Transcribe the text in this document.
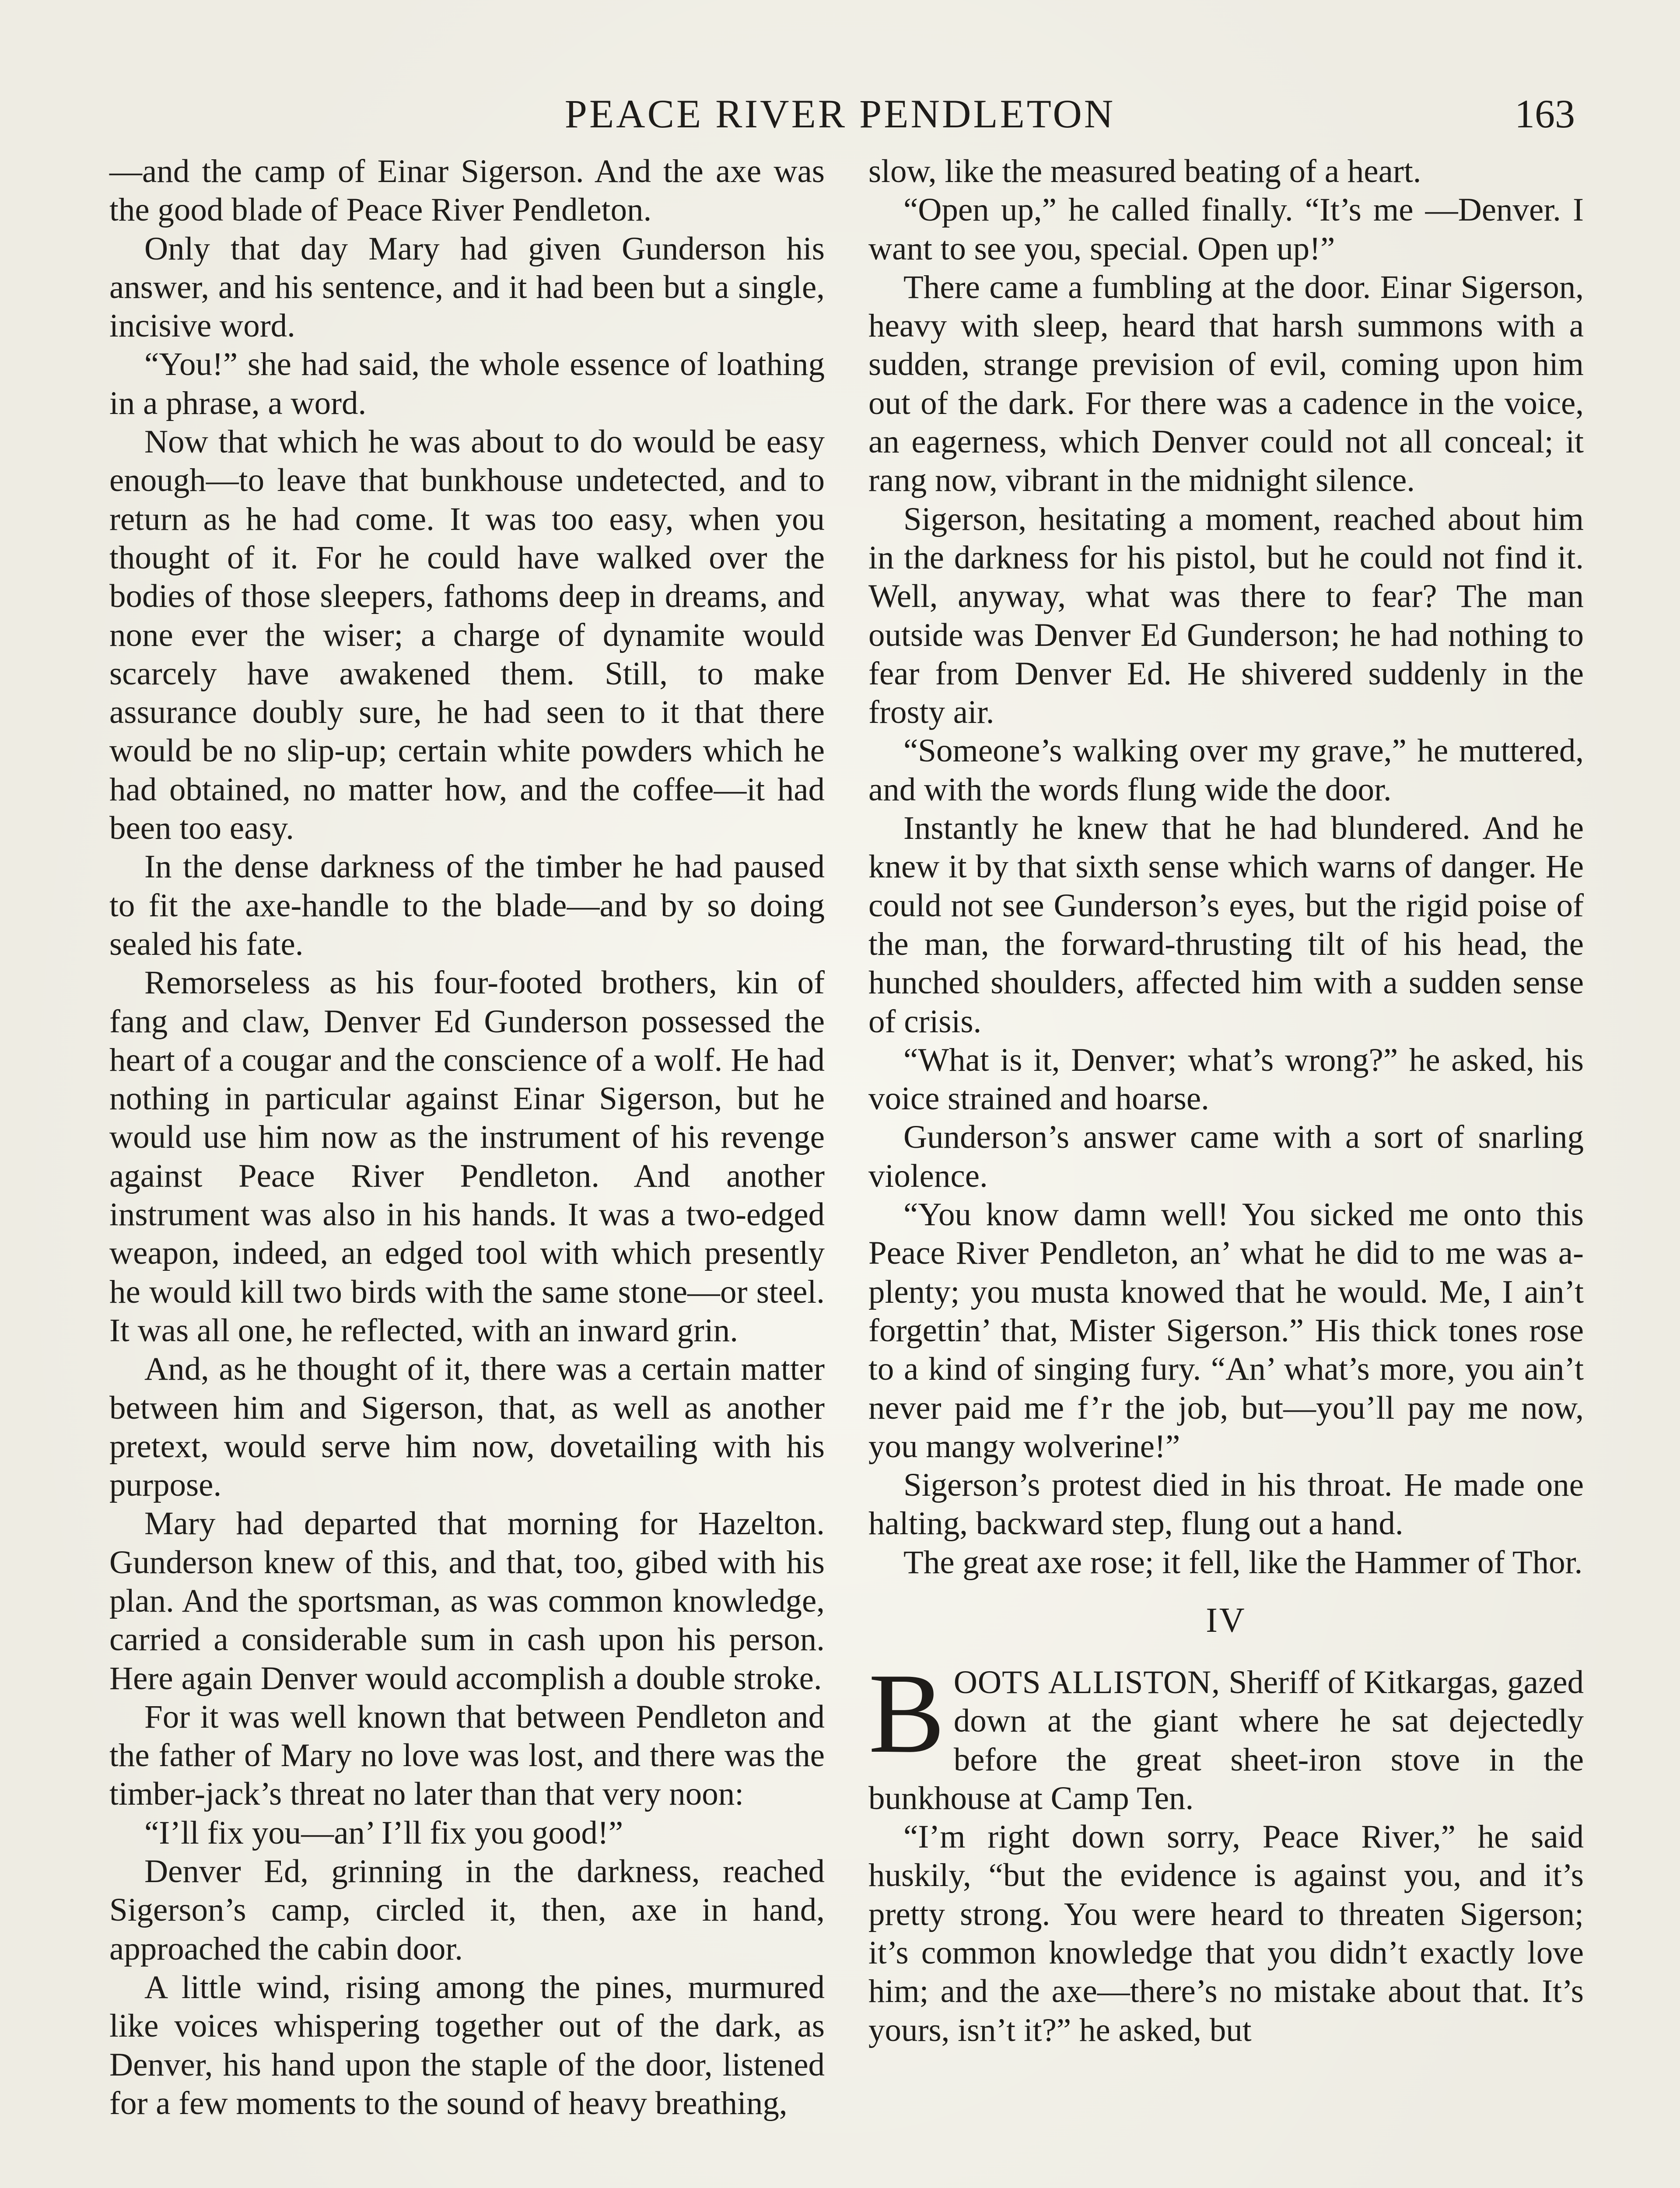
PEACE RIVER PENDLETON	163

—and the camp of Einar Sigerson. And the axe was the good blade of Peace River Pendleton.

Only that day Mary had given Gunderson his answer, and his sentence, and it had been but a single, incisive word.

“You!” she had said, the whole essence of loathing in a phrase, a word.

Now that which he was about to do would be easy enough—to leave that bunkhouse undetected, and to return as he had come. It was too easy, when you thought of it. For he could have walked over the bodies of those sleepers, fathoms deep in dreams, and none ever the wiser; a charge of dynamite would scarcely have awakened them. Still, to make assurance doubly sure, he had seen to it that there would be no slip-up; certain white powders which he had obtained, no matter how, and the coffee—it had been too easy.

In the dense darkness of the timber he had paused to fit the axe-handle to the blade—and by so doing sealed his fate.

Remorseless as his four-footed brothers, kin of fang and claw, Denver Ed Gunderson possessed the heart of a cougar and the conscience of a wolf. He had nothing in particular against Einar Sigerson, but he would use him now as the instrument of his revenge against Peace River Pendleton. And another instrument was also in his hands. It was a two-edged weapon, indeed, an edged tool with which presently he would kill two birds with the same stone—or steel. It was all one, he reflected, with an inward grin.

And, as he thought of it, there was a certain matter between him and Sigerson, that, as well as another pretext, would serve him now, dovetailing with his purpose.

Mary had departed that morning for Hazelton. Gunderson knew of this, and that, too, gibed with his plan. And the sportsman, as was common knowledge, carried a considerable sum in cash upon his person. Here again Denver would accomplish a double stroke.

For it was well known that between Pendleton and the father of Mary no love was lost, and there was the timber-jack’s threat no later than that very noon:

“I’ll fix you—an’ I’ll fix you good!”

Denver Ed, grinning in the darkness, reached Sigerson’s camp, circled it, then, axe in hand, approached the cabin door.

A little wind, rising among the pines, murmured like voices whispering together out of the dark, as Denver, his hand upon the staple of the door, listened for a few moments to the sound of heavy breathing,

slow, like the measured beating of a heart.

“Open up,” he called finally. “It’s me —Denver. I want to see you, special. Open up!”

There came a fumbling at the door. Einar Sigerson, heavy with sleep, heard that harsh summons with a sudden, strange prevision of evil, coming upon him out of the dark. For there was a cadence in the voice, an eagerness, which Denver could not all conceal; it rang now, vibrant in the midnight silence.

Sigerson, hesitating a moment, reached about him in the darkness for his pistol, but he could not find it. Well, anyway, what was there to fear? The man outside was Denver Ed Gunderson; he had nothing to fear from Denver Ed. He shivered suddenly in the frosty air.

“Someone’s walking over my grave,” he muttered, and with the words flung wide the door.

Instantly he knew that he had blundered. And he knew it by that sixth sense which warns of danger. He could not see Gunderson’s eyes, but the rigid poise of the man, the forward-thrusting tilt of his head, the hunched shoulders, affected him with a sudden sense of crisis.

“What is it, Denver; what’s wrong?” he asked, his voice strained and hoarse.

Gunderson’s answer came with a sort of snarling violence.

“You know damn well! You sicked me onto this Peace River Pendleton, an’ what he did to me was a-plenty; you musta knowed that he would. Me, I ain’t forgettin’ that, Mister Sigerson.” His thick tones rose to a kind of singing fury. “An’ what’s more, you ain’t never paid me f’r the job, but—you’ll pay me now, you mangy wolverine!”

Sigerson’s protest died in his throat. He made one halting, backward step, flung out a hand.

The great axe rose; it fell, like the Hammer of Thor.

IV

BOOTS ALLISTON, Sheriff of Kitkargas, gazed down at the giant where he sat dejectedly before the great sheet-iron stove in the bunkhouse at Camp Ten.

“I’m right down sorry, Peace River,” he said huskily, “but the evidence is against you, and it’s pretty strong. You were heard to threaten Sigerson; it’s common knowledge that you didn’t exactly love him; and the axe—there’s no mistake about that. It’s yours, isn’t it?” he asked, but
